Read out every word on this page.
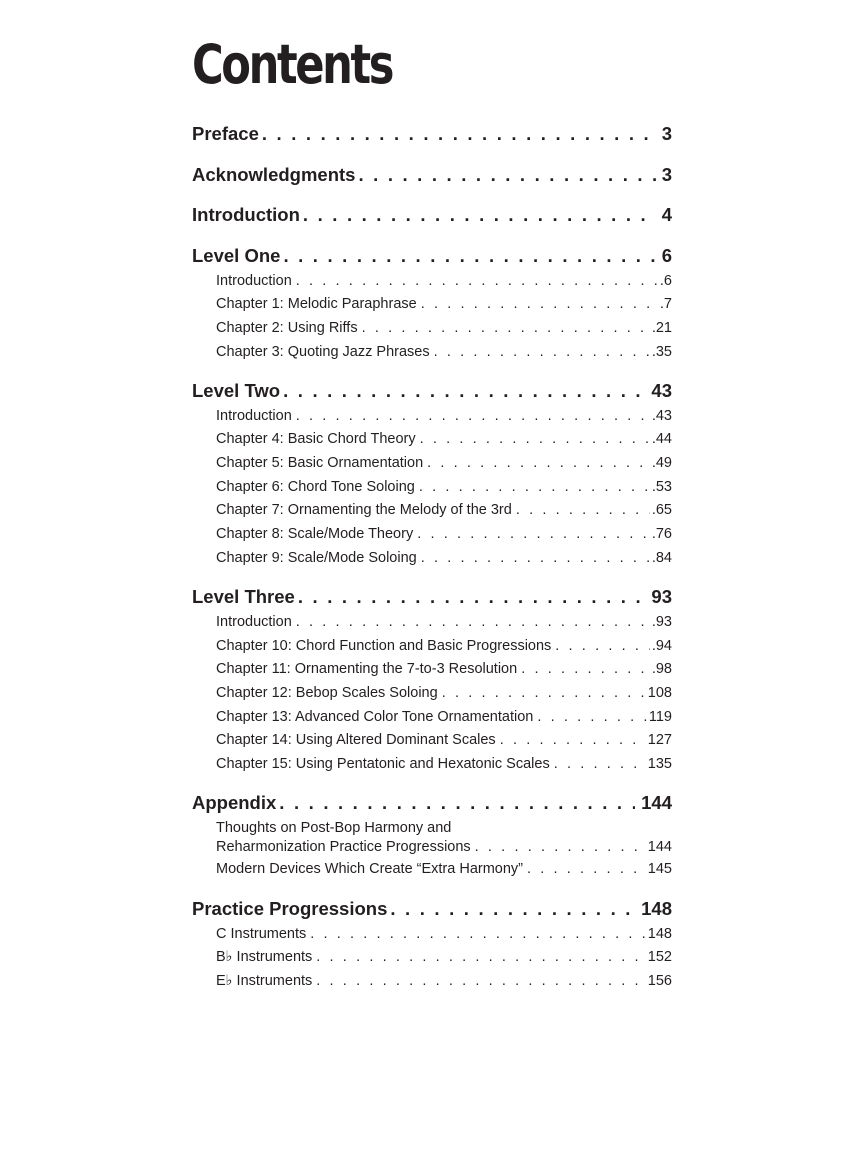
Contents
Preface . . .	3
Acknowledgments . . .	3
Introduction . . .	4
Level One . . .	6
Introduction . . .	.6
Chapter 1: Melodic Paraphrase . . .	.7
Chapter 2: Using Riffs . . .	.21
Chapter 3: Quoting Jazz Phrases . . .	.35
Level Two . . .	43
Introduction . . .	.43
Chapter 4: Basic Chord Theory . . .	.44
Chapter 5: Basic Ornamentation . . .	.49
Chapter 6: Chord Tone Soloing . . .	.53
Chapter 7: Ornamenting the Melody of the 3rd . . .	.65
Chapter 8: Scale/Mode Theory . . .	.76
Chapter 9: Scale/Mode Soloing . . .	.84
Level Three . . .	93
Introduction . . .	.93
Chapter 10: Chord Function and Basic Progressions . . .	.94
Chapter 11: Ornamenting the 7-to-3 Resolution . . .	.98
Chapter 12: Bebop Scales Soloing . . .	108
Chapter 13: Advanced Color Tone Ornamentation . . .	119
Chapter 14: Using Altered Dominant Scales . . .	127
Chapter 15: Using Pentatonic and Hexatonic Scales . . .	135
Appendix . . .	144
Thoughts on Post-Bop Harmony and
Reharmonization Practice Progressions . . .	144
Modern Devices Which Create “Extra Harmony” . . .	145
Practice Progressions . . .	148
C Instruments . . .	148
B♭ Instruments . . .	152
E♭ Instruments . . .	156
